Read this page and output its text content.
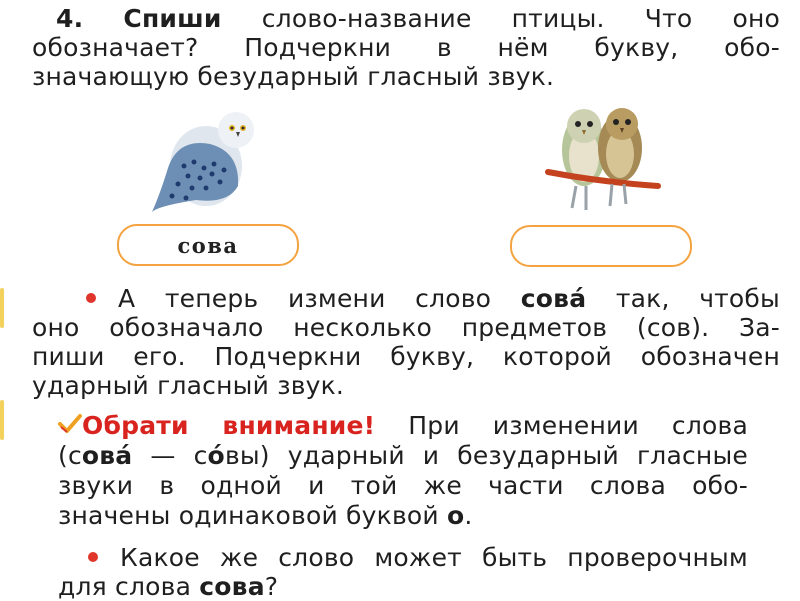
4. Спиши слово-название птицы. Что оно
обозначает? Подчеркни в нём букву, обо-
значающую безударный гласный звук.
сова
А теперь измени слово сова́ так, чтобы
оно обозначало несколько предметов (сов). За-
пиши его. Подчеркни букву, которой обозначен
ударный гласный звук.
Обрати внимание! При изменении слова
(сова́ — со́вы) ударный и безударный гласные
звуки в одной и той же части слова обо-
значены одинаковой буквой о.
Какое же слово может быть проверочным
для слова сова?
